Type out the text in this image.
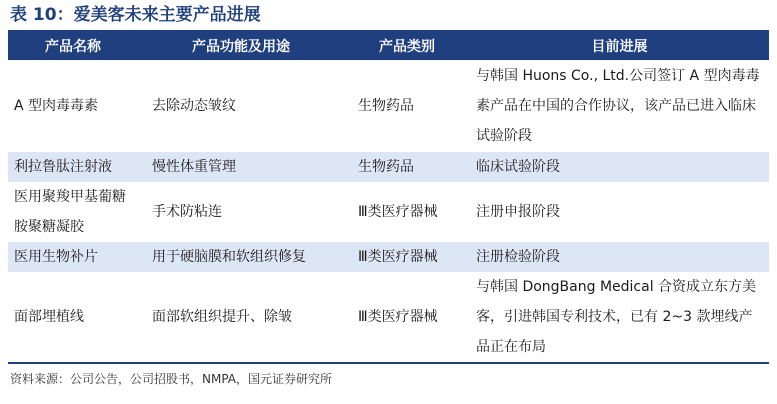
表 10：爱美客未来主要产品进展
产品名称	产品功能及用途	产品类别	目前进展
A 型肉毒毒素	去除动态皱纹	生物药品	与韩国 Huons Co., Ltd.公司签订 A 型肉毒毒素产品在中国的合作协议，该产品已进入临床试验阶段
利拉鲁肽注射液	慢性体重管理	生物药品	临床试验阶段
医用聚羧甲基葡糖胺聚糖凝胶	手术防粘连	Ⅲ类医疗器械	注册申报阶段
医用生物补片	用于硬脑膜和软组织修复	Ⅲ类医疗器械	注册检验阶段
面部埋植线	面部软组织提升、除皱	Ⅲ类医疗器械	与韩国 DongBang Medical 合资成立东方美客，引进韩国专利技术，已有 2~3 款埋线产品正在布局
资料来源：公司公告，公司招股书，NMPA，国元证券研究所
